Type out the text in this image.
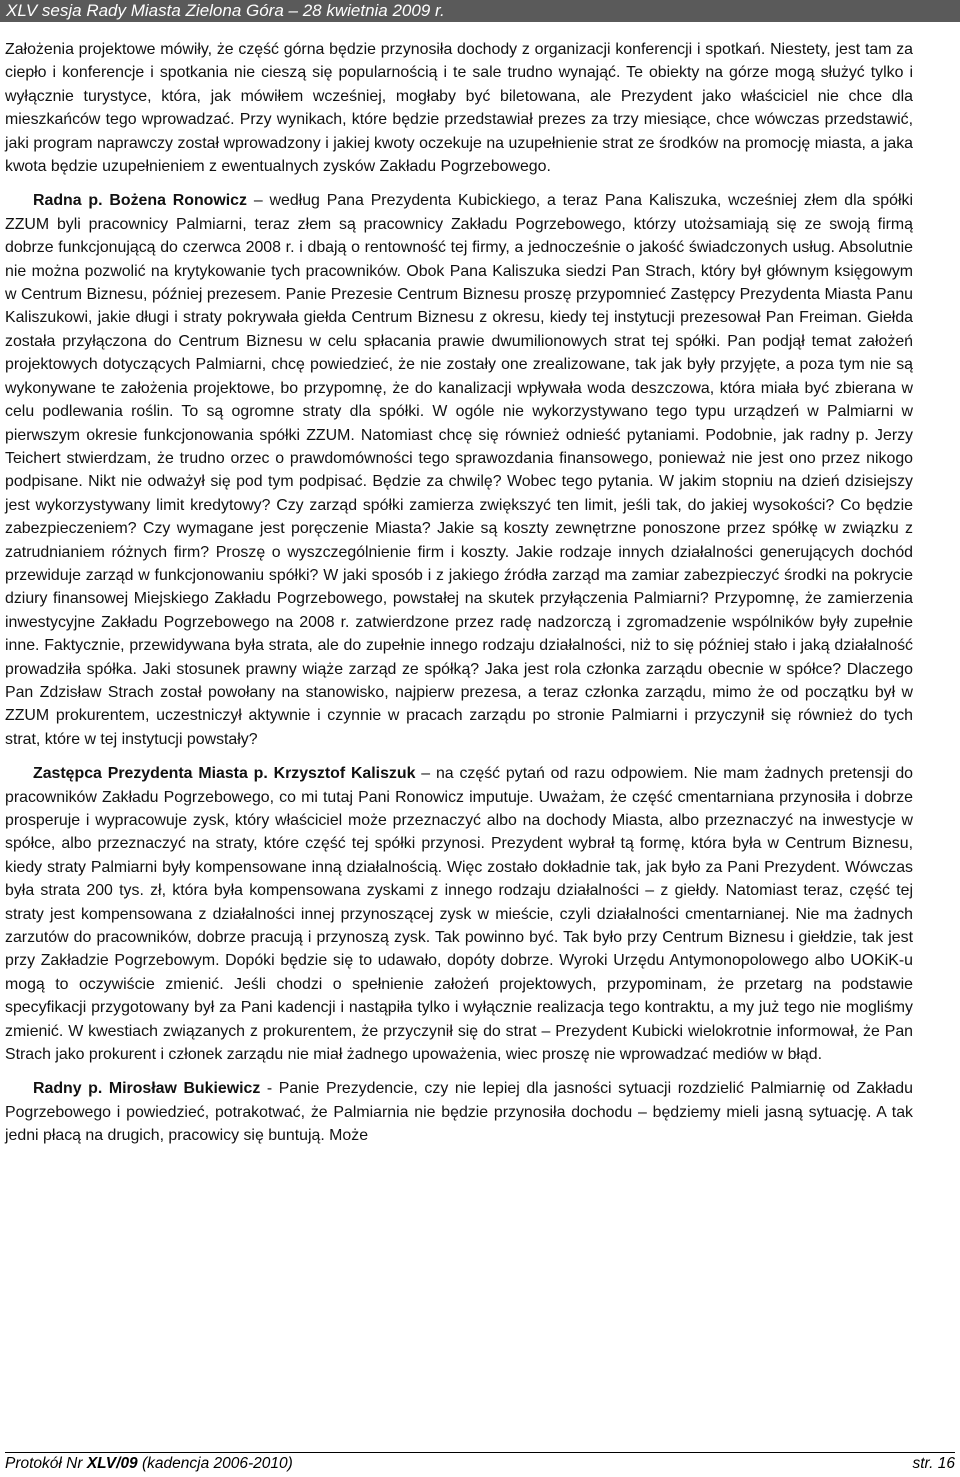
XLV sesja Rady Miasta Zielona Góra – 28 kwietnia 2009 r.

Założenia projektowe mówiły, że część górna będzie przynosiła dochody z organizacji konferencji i spotkań. Niestety, jest tam za ciepło i konferencje i spotkania nie cieszą się popularnością i te sale trudno wynająć. Te obiekty na górze mogą służyć tylko i wyłącznie turystyce, która, jak mówiłem wcześniej, mogłaby być biletowana, ale Prezydent jako właściciel nie chce dla mieszkańców tego wprowadzać. Przy wynikach, które będzie przedstawiał prezes za trzy miesiące, chce wówczas przedstawić, jaki program naprawczy został wprowadzony i jakiej kwoty oczekuje na uzupełnienie strat ze środków na promocję miasta, a jaka kwota będzie uzupełnieniem z ewentualnych zysków Zakładu Pogrzebowego.

Radna p. Bożena Ronowicz – według Pana Prezydenta Kubickiego, a teraz Pana Kaliszuka, wcześniej złem dla spółki ZZUM byli pracownicy Palmiarni, teraz złem są pracownicy Zakładu Pogrzebowego, którzy utożsamiają się ze swoją firmą dobrze funkcjonującą do czerwca 2008 r. i dbają o rentowność tej firmy, a jednocześnie o jakość świadczonych usług. Absolutnie nie można pozwolić na krytykowanie tych pracowników. Obok Pana Kaliszuka siedzi Pan Strach, który był głównym księgowym w Centrum Biznesu, później prezesem. Panie Prezesie Centrum Biznesu proszę przypomnieć Zastępcy Prezydenta Miasta Panu Kaliszukowi, jakie długi i straty pokrywała giełda Centrum Biznesu z okresu, kiedy tej instytucji prezesował Pan Freiman. Giełda została przyłączona do Centrum Biznesu w celu spłacania prawie dwumilionowych strat tej spółki. Pan podjął temat założeń projektowych dotyczących Palmiarni, chcę powiedzieć, że nie zostały one zrealizowane, tak jak były przyjęte, a poza tym nie są wykonywane te założenia projektowe, bo przypomnę, że do kanalizacji wpływała woda deszczowa, która miała być zbierana w celu podlewania roślin. To są ogromne straty dla spółki. W ogóle nie wykorzystywano tego typu urządzeń w Palmiarni w pierwszym okresie funkcjonowania spółki ZZUM. Natomiast chcę się również odnieść pytaniami. Podobnie, jak radny p. Jerzy Teichert stwierdzam, że trudno orzec o prawdomówności tego sprawozdania finansowego, ponieważ nie jest ono przez nikogo podpisane. Nikt nie odważył się pod tym podpisać. Będzie za chwilę? Wobec tego pytania. W jakim stopniu na dzień dzisiejszy jest wykorzystywany limit kredytowy? Czy zarząd spółki zamierza zwiększyć ten limit, jeśli tak, do jakiej wysokości? Co będzie zabezpieczeniem? Czy wymagane jest poręczenie Miasta? Jakie są koszty zewnętrzne ponoszone przez spółkę w związku z zatrudnianiem różnych firm? Proszę o wyszczególnienie firm i koszty. Jakie rodzaje innych działalności generujących dochód przewiduje zarząd w funkcjonowaniu spółki? W jaki sposób i z jakiego źródła zarząd ma zamiar zabezpieczyć środki na pokrycie dziury finansowej Miejskiego Zakładu Pogrzebowego, powstałej na skutek przyłączenia Palmiarni? Przypomnę, że zamierzenia inwestycyjne Zakładu Pogrzebowego na 2008 r. zatwierdzone przez radę nadzorczą i zgromadzenie wspólników były zupełnie inne. Faktycznie, przewidywana była strata, ale do zupełnie innego rodzaju działalności, niż to się później stało i jaką działalność prowadziła spółka. Jaki stosunek prawny wiąże zarząd ze spółką? Jaka jest rola członka zarządu obecnie w spółce? Dlaczego Pan Zdzisław Strach został powołany na stanowisko, najpierw prezesa, a teraz członka zarządu, mimo że od początku był w ZZUM prokurentem, uczestniczył aktywnie i czynnie w pracach zarządu po stronie Palmiarni i przyczynił się również do tych strat, które w tej instytucji powstały?

Zastępca Prezydenta Miasta p. Krzysztof Kaliszuk – na część pytań od razu odpowiem. Nie mam żadnych pretensji do pracowników Zakładu Pogrzebowego, co mi tutaj Pani Ronowicz imputuje. Uważam, że część cmentarniana przynosiła i dobrze prosperuje i wypracowuje zysk, który właściciel może przeznaczyć albo na dochody Miasta, albo przeznaczyć na inwestycje w spółce, albo przeznaczyć na straty, które część tej spółki przynosi. Prezydent wybrał tą formę, która była w Centrum Biznesu, kiedy straty Palmiarni były kompensowane inną działalnością. Więc zostało dokładnie tak, jak było za Pani Prezydent. Wówczas była strata 200 tys. zł, która była kompensowana zyskami z innego rodzaju działalności – z giełdy. Natomiast teraz, część tej straty jest kompensowana z działalności innej przynoszącej zysk w mieście, czyli działalności cmentarnianej. Nie ma żadnych zarzutów do pracowników, dobrze pracują i przynoszą zysk. Tak powinno być. Tak było przy Centrum Biznesu i giełdzie, tak jest przy Zakładzie Pogrzebowym. Dopóki będzie się to udawało, dopóty dobrze. Wyroki Urzędu Antymonopolowego albo UOKiK-u mogą to oczywiście zmienić. Jeśli chodzi o spełnienie założeń projektowych, przypominam, że przetarg na podstawie specyfikacji przygotowany był za Pani kadencji i nastąpiła tylko i wyłącznie realizacja tego kontraktu, a my już tego nie mogliśmy zmienić. W kwestiach związanych z prokurentem, że przyczynił się do strat – Prezydent Kubicki wielokrotnie informował, że Pan Strach jako prokurent i członek zarządu nie miał żadnego upoważenia, wiec proszę nie wprowadzać mediów w błąd.

Radny p. Mirosław Bukiewicz - Panie Prezydencie, czy nie lepiej dla jasności sytuacji rozdzielić Palmiarnię od Zakładu Pogrzebowego i powiedzieć, potrakotwać, że Palmiarnia nie będzie przynosiła dochodu – będziemy mieli jasną sytuację. A tak jedni płacą na drugich, pracowicy się buntują. Może

Protokół Nr XLV/09 (kadencja 2006-2010)	str. 16
